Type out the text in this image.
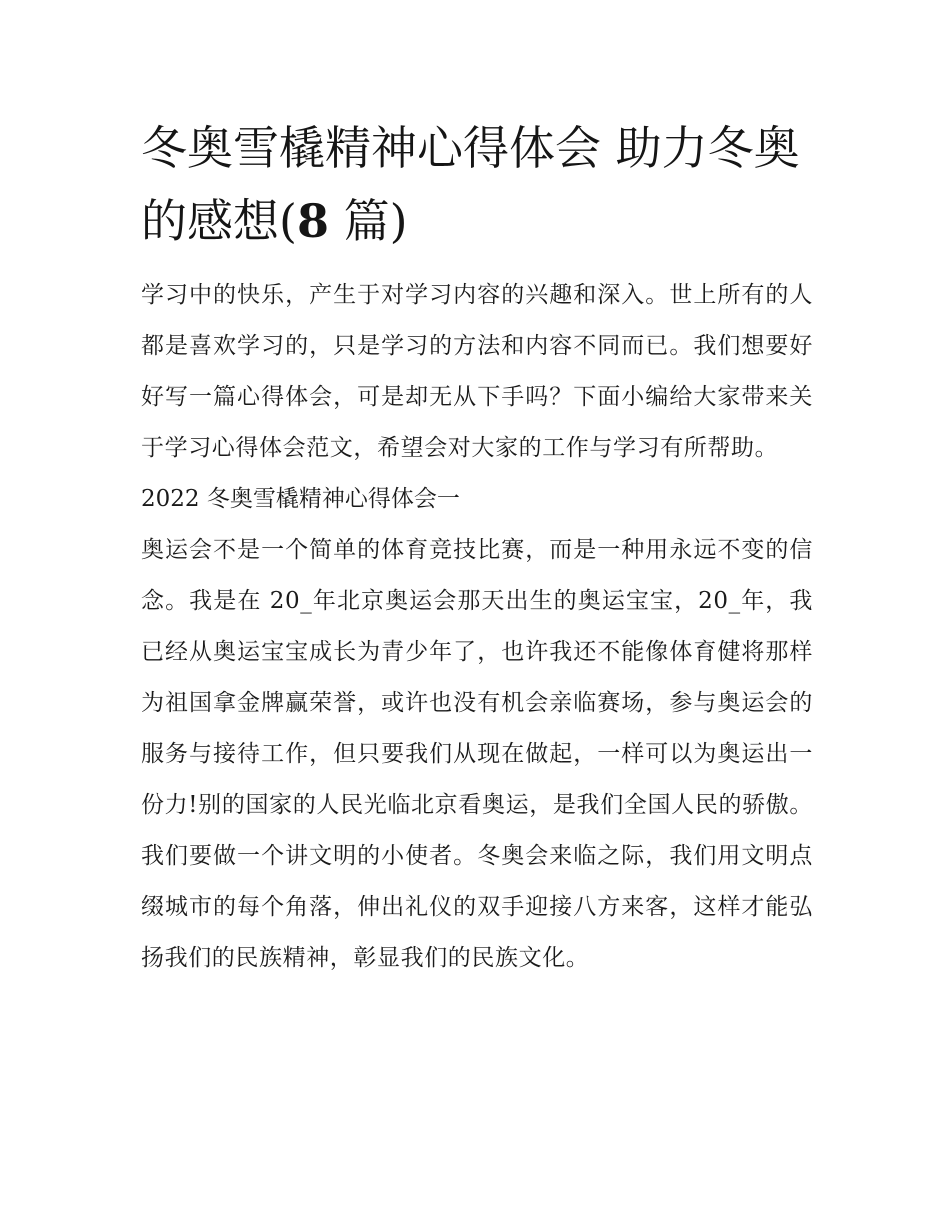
冬奥雪橇精神心得体会 助力冬奥的感想(8 篇)

学习中的快乐，产生于对学习内容的兴趣和深入。世上所有的人都是喜欢学习的，只是学习的方法和内容不同而已。我们想要好好写一篇心得体会，可是却无从下手吗？下面小编给大家带来关于学习心得体会范文，希望会对大家的工作与学习有所帮助。

2022 冬奥雪橇精神心得体会一

奥运会不是一个简单的体育竞技比赛，而是一种用永远不变的信念。我是在 20_年北京奥运会那天出生的奥运宝宝，20_年，我已经从奥运宝宝成长为青少年了，也许我还不能像体育健将那样为祖国拿金牌赢荣誉，或许也没有机会亲临赛场，参与奥运会的服务与接待工作，但只要我们从现在做起，一样可以为奥运出一份力!别的国家的人民光临北京看奥运，是我们全国人民的骄傲。我们要做一个讲文明的小使者。冬奥会来临之际，我们用文明点缀城市的每个角落，伸出礼仪的双手迎接八方来客，这样才能弘扬我们的民族精神，彰显我们的民族文化。
